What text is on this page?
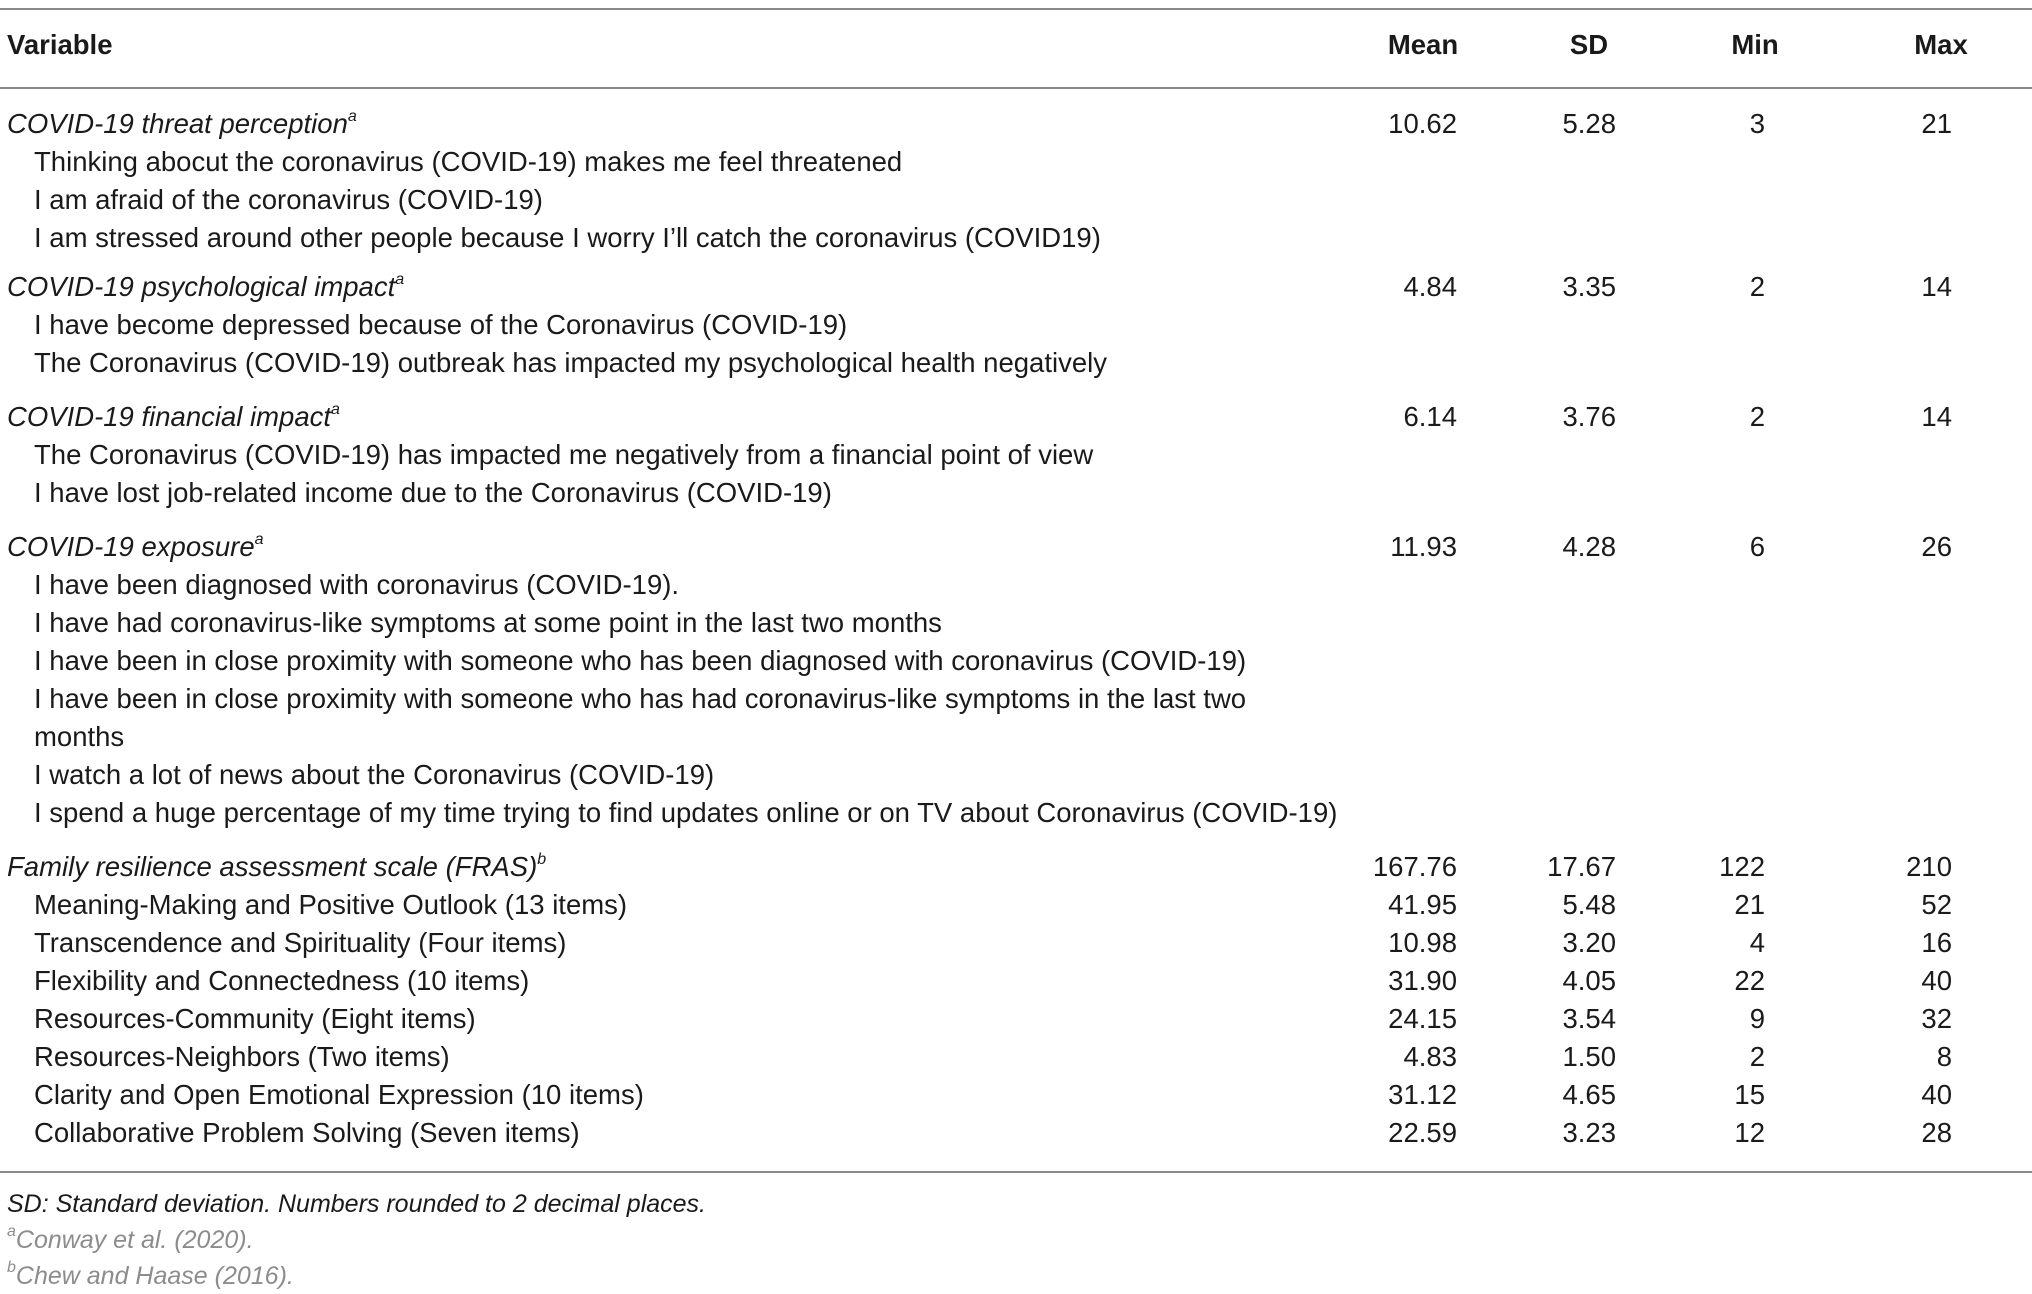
Variable	Mean	SD	Min	Max
COVID-19 threat perception$^a$	10.62	5.28	3	21
Thinking abocut the coronavirus (COVID-19) makes me feel threatened
I am afraid of the coronavirus (COVID-19)
I am stressed around other people because I worry I’ll catch the coronavirus (COVID19)
COVID-19 psychological impact$^a$	4.84	3.35	2	14
I have become depressed because of the Coronavirus (COVID-19)
The Coronavirus (COVID-19) outbreak has impacted my psychological health negatively
COVID-19 financial impact$^a$	6.14	3.76	2	14
The Coronavirus (COVID-19) has impacted me negatively from a financial point of view
I have lost job-related income due to the Coronavirus (COVID-19)
COVID-19 exposure$^a$	11.93	4.28	6	26
I have been diagnosed with coronavirus (COVID-19).
I have had coronavirus-like symptoms at some point in the last two months
I have been in close proximity with someone who has been diagnosed with coronavirus (COVID-19)
I have been in close proximity with someone who has had coronavirus-like symptoms in the last two
months
I watch a lot of news about the Coronavirus (COVID-19)
I spend a huge percentage of my time trying to find updates online or on TV about Coronavirus (COVID-19)
Family resilience assessment scale (FRAS)$^b$	167.76	17.67	122	210
Meaning-Making and Positive Outlook (13 items)	41.95	5.48	21	52
Transcendence and Spirituality (Four items)	10.98	3.20	4	16
Flexibility and Connectedness (10 items)	31.90	4.05	22	40
Resources-Community (Eight items)	24.15	3.54	9	32
Resources-Neighbors (Two items)	4.83	1.50	2	8
Clarity and Open Emotional Expression (10 items)	31.12	4.65	15	40
Collaborative Problem Solving (Seven items)	22.59	3.23	12	28
SD: Standard deviation. Numbers rounded to 2 decimal places.
$^a$Conway et al. (2020).
$^b$Chew and Haase (2016).
